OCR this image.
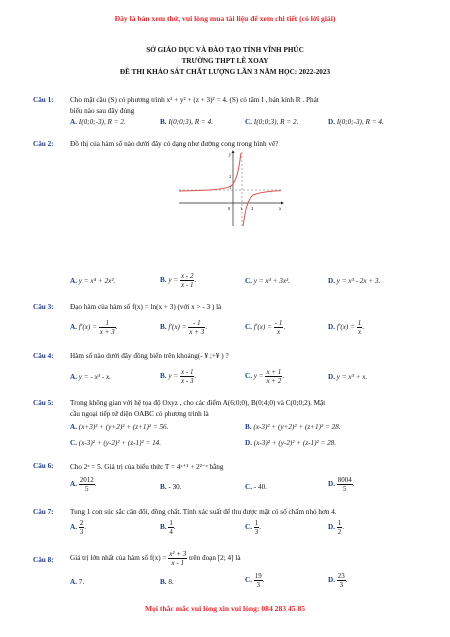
Đây là bản xem thử, vui lòng mua tài liệu để xem chi tiết (có lời giải)
SỞ GIÁO DỤC VÀ ĐÀO TẠO TỈNH VĨNH PHÚC
TRƯỜNG THPT LÊ XOAY
ĐỀ THI KHẢO SÁT CHẤT LƯỢNG LẦN 3 NĂM HỌC: 2022-2023
Câu 1: Cho mặt cầu (S) có phương trình x² + y² + (z + 3)² = 4. (S) có tâm I , bán kính R . Phát
biểu nào sau đây đúng
A. I(0;0;-3), R = 2.	B. I(0;0;3), R = 4.	C. I(0;0;3), R = 2.	D. I(0;0;-3), R = 4.
Câu 2: Đồ thị của hàm số nào dưới đây có dạng như đường cong trong hình vẽ?
y
x
0 1 2
1
2
A. y = x⁴ + 2x².	B. $y = \frac{x - 2}{x - 1}$ .	C. y = x³ + 3x².	D. y = x³ - 2x + 3.
Câu 3: Đạo hàm của hàm số f(x) = ln(x + 3) (với x > - 3 ) là
A. $f'(x) = \frac{1}{x + 3}$ .	B. $f'(x) = \frac{- 1}{x + 3}$ .	C. $f'(x) = \frac{- 1}{x}$ .	D. $f'(x) = \frac{1}{x}$ .
Câu 4: Hàm số nào dưới đây đồng biến trên khoảng(- ¥ ;+¥ ) ?
A. y = - x³ - x.	B. $y = \frac{x - 1}{x - 3}$ .	C. $y = \frac{x + 1}{x + 2}$ .	D. y = x³ + x.
Câu 5: Trong không gian với hệ tọa độ Oxyz , cho các điểm A(6;0;0), B(0;4;0) và C(0;0;2). Mặt
cầu ngoại tiếp tứ diện OABC có phương trình là
A. (x+3)² + (y+2)² + (z+1)² = 56.	B. (x-3)² + (y+2)² + (z+1)² = 28.
C. (x-3)² + (y-2)² + (z-1)² = 14.	D. (x-3)² + (y-2)² + (z-1)² = 28.
Câu 6: Cho 2ˣ = 5. Giá trị của biểu thức T = 4ˣ⁺¹ + 2²⁻ˣ bằng
A. $\frac{2012}{5}$ .	B. - 30.	C. - 40.	D. $\frac{8004}{5}$ .
Câu 7: Tung 1 con súc sắc cân đối, đồng chất. Tính xác suất để thu được mặt có số chấm nhỏ hơn 4.
A. $\frac{2}{3}$ .	B. $\frac{1}{4}$ .	C. $\frac{1}{3}$ .	D. $\frac{1}{2}$ .
Câu 8: Giá trị lớn nhất của hàm số $f(x) = \frac{\text{x² + 3}}{x - 1}$ trên đoạn [2; 4] là
A. 7.	B. 8.	C. $\frac{19}{3}$ .	D. $\frac{23}{3}$ .
Mọi thắc mắc vui lòng xin vui lòng: 084 283 45 85
